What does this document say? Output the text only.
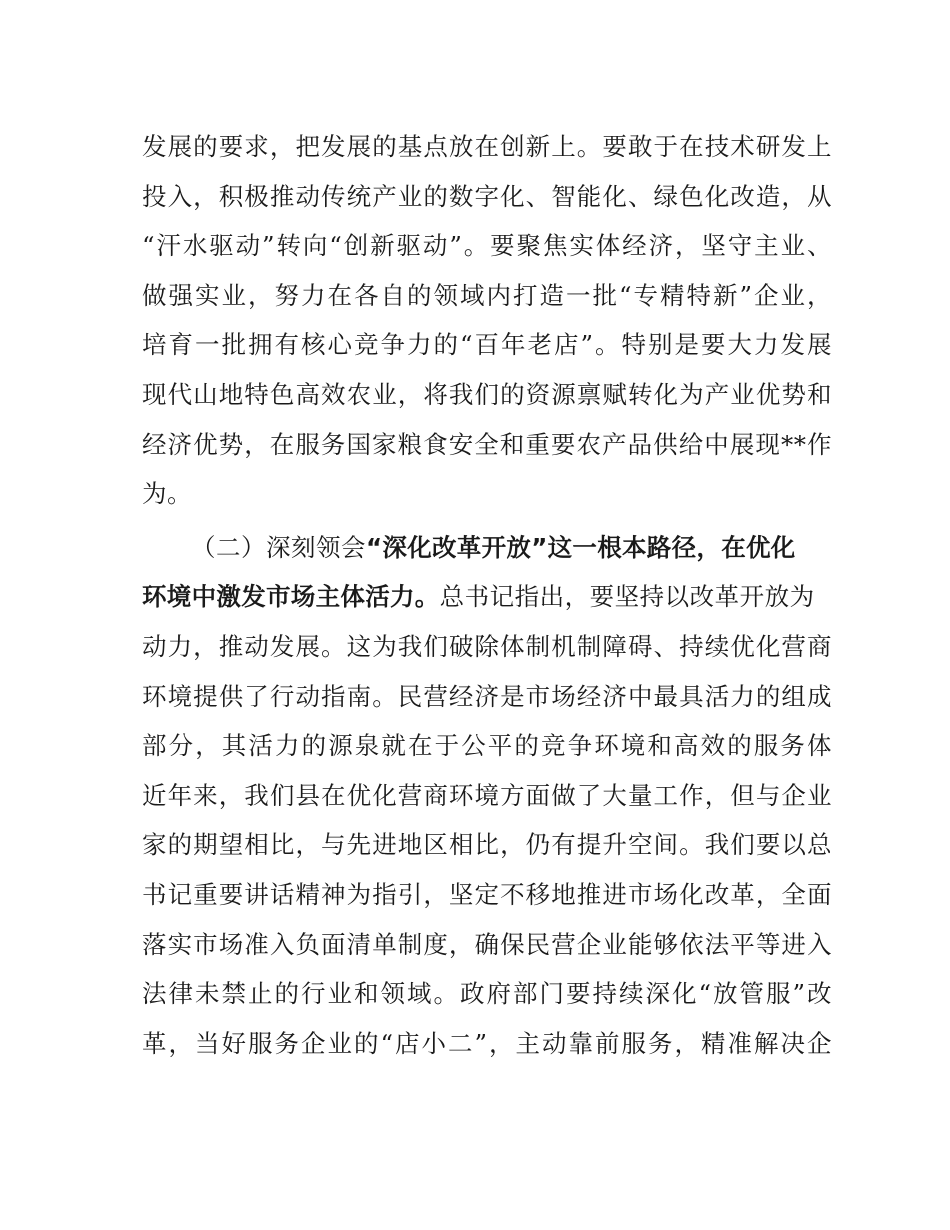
发展的要求，把发展的基点放在创新上。要敢于在技术研发上
投入，积极推动传统产业的数字化、智能化、绿色化改造，从
“汗水驱动”转向“创新驱动”。要聚焦实体经济，坚守主业、
做强实业，努力在各自的领域内打造一批“专精特新”企业，
培育一批拥有核心竞争力的“百年老店”。特别是要大力发展
现代山地特色高效农业，将我们的资源禀赋转化为产业优势和
经济优势，在服务国家粮食安全和重要农产品供给中展现**作
为。
（二）深刻领会“深化改革开放”这一根本路径，在优化
环境中激发市场主体活力。总书记指出，要坚持以改革开放为
动力，推动发展。这为我们破除体制机制障碍、持续优化营商
环境提供了行动指南。民营经济是市场经济中最具活力的组成
部分，其活力的源泉就在于公平的竞争环境和高效的服务体
近年来，我们县在优化营商环境方面做了大量工作，但与企业
家的期望相比，与先进地区相比，仍有提升空间。我们要以总
书记重要讲话精神为指引，坚定不移地推进市场化改革，全面
落实市场准入负面清单制度，确保民营企业能够依法平等进入
法律未禁止的行业和领域。政府部门要持续深化“放管服”改
革，当好服务企业的“店小二”，主动靠前服务，精准解决企
